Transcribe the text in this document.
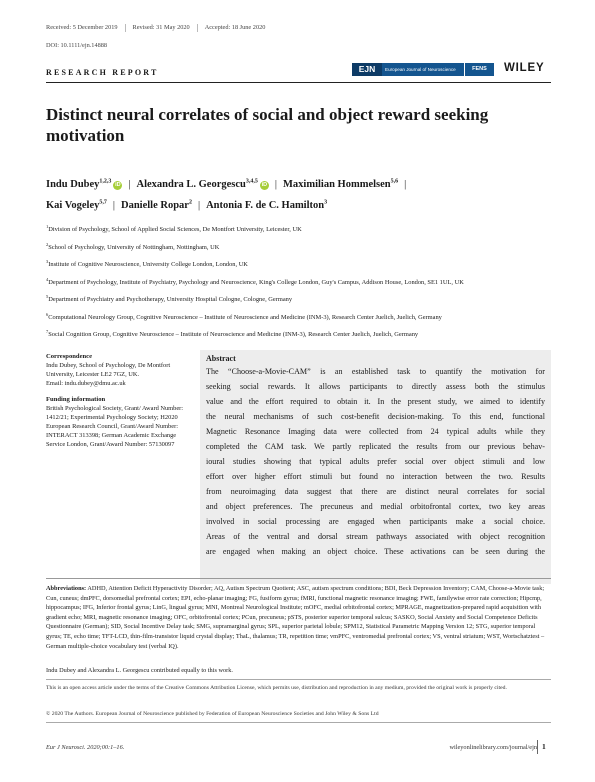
Received: 5 December 2019 Revised: 31 May 2020 Accepted: 18 June 2020
DOI: 10.1111/ejn.14888
RESEARCH REPORT	EJN	European Journal of Neuroscience	FENS	WILEY
Distinct neural correlates of social and object reward seeking motivation
Indu Dubey$^{1,2,3}$iD | Alexandra L. Georgescu$^{3,4,5}$iD | Maximilian Hommelsen$^{5,6}$ |
Kai Vogeley$^{5,7}$ | Danielle Ropar$^2$ | Antonia F. de C. Hamilton$^3$

$^1$Division of Psychology, School of Applied Social Sciences, De Montfort University, Leicester, UK

$^2$School of Psychology, University of Nottingham, Nottingham, UK

$^3$Institute of Cognitive Neuroscience, University College London, London, UK

$^4$Department of Psychology, Institute of Psychiatry, Psychology and Neuroscience, King's College London, Guy's Campus, Addison House, London, SE1 1UL, UK

$^5$Department of Psychiatry and Psychotherapy, University Hospital Cologne, Cologne, Germany

$^6$Computational Neurology Group, Cognitive Neuroscience – Institute of Neuroscience and Medicine (INM-3), Research Center Juelich, Juelich, Germany

$^7$Social Cognition Group, Cognitive Neuroscience – Institute of Neuroscience and Medicine (INM-3), Research Center Juelich, Juelich, Germany

Correspondence

Indu Dubey, School of Psychology, De Montfort University, Leicester LE2 7GZ, UK.

Email: indu.dubey@dmu.ac.uk

Funding information

British Psychological Society, Grant/ Award Number: 1412/21; Experimental Psychology Society; H2020 European Research Council, Grant/Award Number: INTERACT 313398; German Academic Exchange Service London, Grant/Award Number: 57130097

Abstract
The “Choose-a-Movie-CAM” is an established task to quantify the motivation for
seeking social rewards. It allows participants to directly assess both the stimulus
value and the effort required to obtain it. In the present study, we aimed to identify
the neural mechanisms of such cost-benefit decision-making. To this end, functional
Magnetic Resonance Imaging data were collected from 24 typical adults while they
completed the CAM task. We partly replicated the results from our previous behav-
ioural studies showing that typical adults prefer social over object stimuli and low
effort over higher effort stimuli but found no interaction between the two. Results
from neuroimaging data suggest that there are distinct neural correlates for social
and object preferences. The precuneus and medial orbitofrontal cortex, two key areas
involved in social processing are engaged when participants make a social choice.
Areas of the ventral and dorsal stream pathways associated with object recognition
are engaged when making an object choice. These activations can be seen during the
Abbreviations: ADHD, Attention Deficit Hyperactivity Disorder; AQ, Autism Spectrum Quotient; ASC, autism spectrum conditions; BDI, Beck Depression Inventory; CAM, Choose-a-Movie task; Cun, cuneus; dmPFC, dorsomedial prefrontal cortex; EPI, echo-planar imaging; FG, fusiform gyrus; fMRI, functional magnetic resonance imaging; FWE, familywise error rate correction; Hipcmp, hippocampus; IFG, Inferior frontal gyrus; LinG, lingual gyrus; MNI, Montreal Neurological Institute; mOFC, medial orbitofrontal cortex; MPRAGE, magnetization-prepared rapid acquisition with gradient echo; MRI, magnetic resonance imaging; OFC, orbitofrontal cortex; PCun, precuneus; pSTS, posterior superior temporal sulcus; SASKO, Social Anxiety and Social Competence Deficits Questionnaire (German); SID, Social Incentive Delay task; SMG, supramarginal gyrus; SPL, superior parietal lobule; SPM12, Statistical Parametric Mapping Version 12; STG, superior temporal gyrus; TE, echo time; TFT-LCD, thin-film-transistor liquid crystal display; ThaL, thalamus; TR, repetition time; vmPFC, ventromedial prefrontal cortex; VS, ventral striatum; WST, Wortschatztest – German multiple-choice vocabulary test (verbal IQ).
Indu Dubey and Alexandra L. Georgescu contributed equally to this work.
This is an open access article under the terms of the Creative Commons Attribution License, which permits use, distribution and reproduction in any medium, provided the original work is properly cited.
© 2020 The Authors. European Journal of Neuroscience published by Federation of European Neuroscience Societies and John Wiley & Sons Ltd
Eur J Neurosci. 2020;00:1–16.	wileyonlinelibrary.com/journal/ejn 1
